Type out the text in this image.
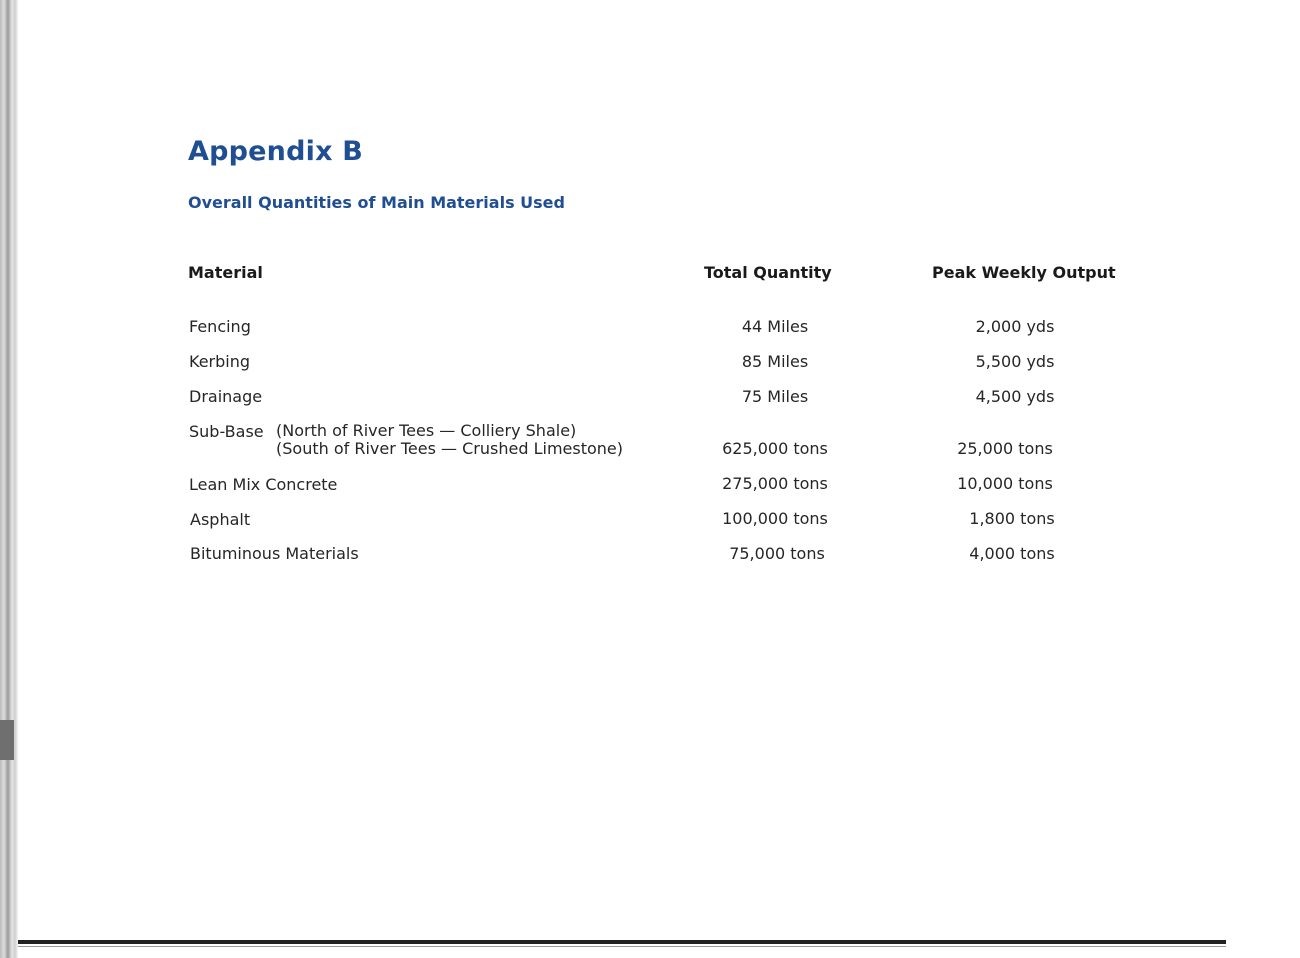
Appendix B
Overall Quantities of Main Materials Used
Material	Total Quantity	Peak Weekly Output
Fencing	44 Miles	2,000 yds
Kerbing	85 Miles	5,500 yds
Drainage	75 Miles	4,500 yds
Sub-Base (North of River Tees — Colliery Shale)
(South of River Tees — Crushed Limestone)	625,000 tons	25,000 tons
Lean Mix Concrete	275,000 tons	10,000 tons
Asphalt	100,000 tons	1,800 tons
Bituminous Materials	75,000 tons	4,000 tons
